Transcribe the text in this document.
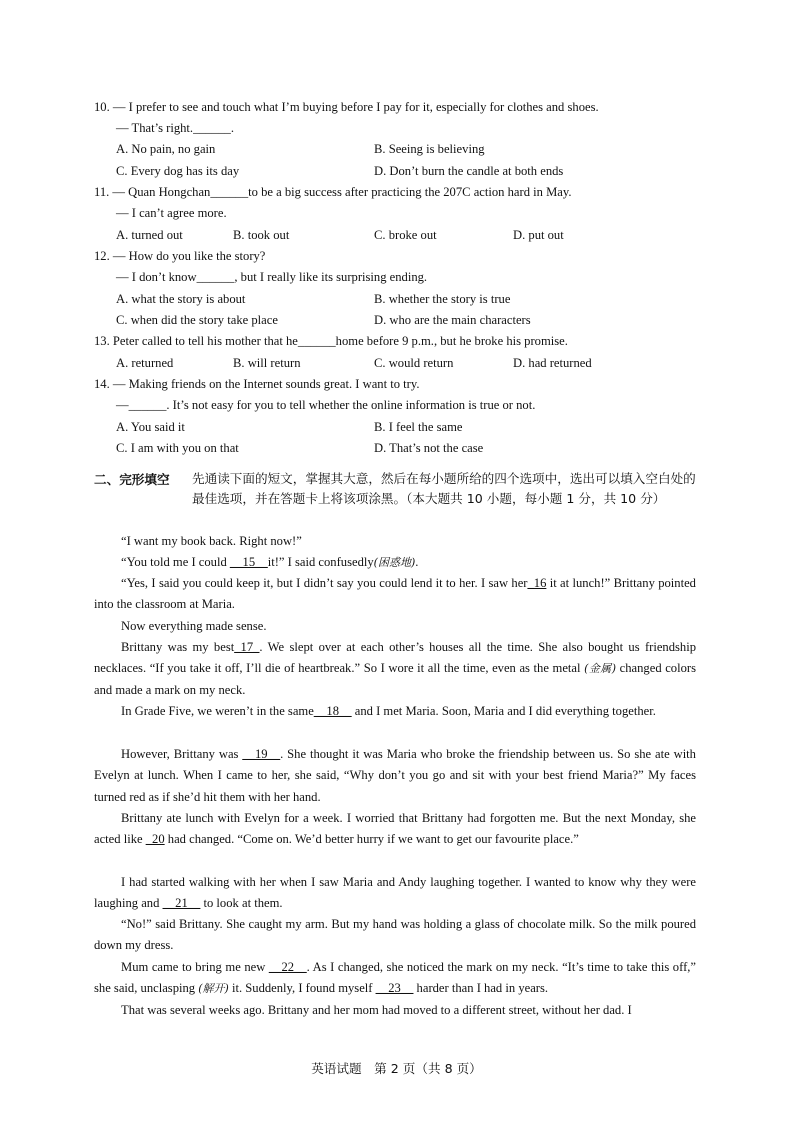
10. — I prefer to see and touch what I’m buying before I pay for it, especially for clothes and shoes.
— That’s right.______.
A. No pain, no gain	B. Seeing is believing
C. Every dog has its day	D. Don’t burn the candle at both ends
11. — Quan Hongchan______to be a big success after practicing the 207C action hard in May.
— I can’t agree more.
A. turned out	B. took out	C. broke out	D. put out
12. — How do you like the story?
— I don’t know______, but I really like its surprising ending.
A. what the story is about	B. whether the story is true
C. when did the story take place	D. who are the main characters
13. Peter called to tell his mother that he______home before 9 p.m., but he broke his promise.
A. returned	B. will return	C. would return	D. had returned
14. — Making friends on the Internet sounds great. I want to try.
—______. It’s not easy for you to tell whether the online information is true or not.
A. You said it	B. I feel the same
C. I am with you on that	D. That’s not the case
二、完形填空 先通读下面的短文，掌握其大意，然后在每小题所给的四个选项中，选出可以填入空白处的最佳选项，并在答题卡上将该项涂黑。（本大题共 10 小题，每小题 1 分，共 10 分）
“I want my book back. Right now!”
“You told me I could __15__it!” I said confusedly(困惑地).
“Yes, I said you could keep it, but I didn’t say you could lend it to her. I saw her_16 it at lunch!” Brittany pointed into the classroom at Maria.
Now everything made sense.
Brittany was my best_17_. We slept over at each other’s houses all the time. She also bought us friendship necklaces. “If you take it off, I’ll die of heartbreak.” So I wore it all the time, even as the metal (金属) changed colors and made a mark on my neck.
In Grade Five, we weren’t in the same__18__ and I met Maria. Soon, Maria and I did everything together.
However, Brittany was __19__. She thought it was Maria who broke the friendship between us. So she ate with Evelyn at lunch. When I came to her, she said, “Why don’t you go and sit with your best friend Maria?” My faces turned red as if she’d hit them with her hand.
Brittany ate lunch with Evelyn for a week. I worried that Brittany had forgotten me. But the next Monday, she acted like _20 had changed. “Come on. We’d better hurry if we want to get our favourite place.”
I had started walking with her when I saw Maria and Andy laughing together. I wanted to know why they were laughing and __21__ to look at them.
“No!” said Brittany. She caught my arm. But my hand was holding a glass of chocolate milk. So the milk poured down my dress.
Mum came to bring me new __22__. As I changed, she noticed the mark on my neck. “It’s time to take this off,” she said, unclasping (解开) it. Suddenly, I found myself __23__ harder than I had in years.
That was several weeks ago. Brittany and her mom had moved to a different street, without her dad. I
英语试题　第 2 页（共 8 页）
